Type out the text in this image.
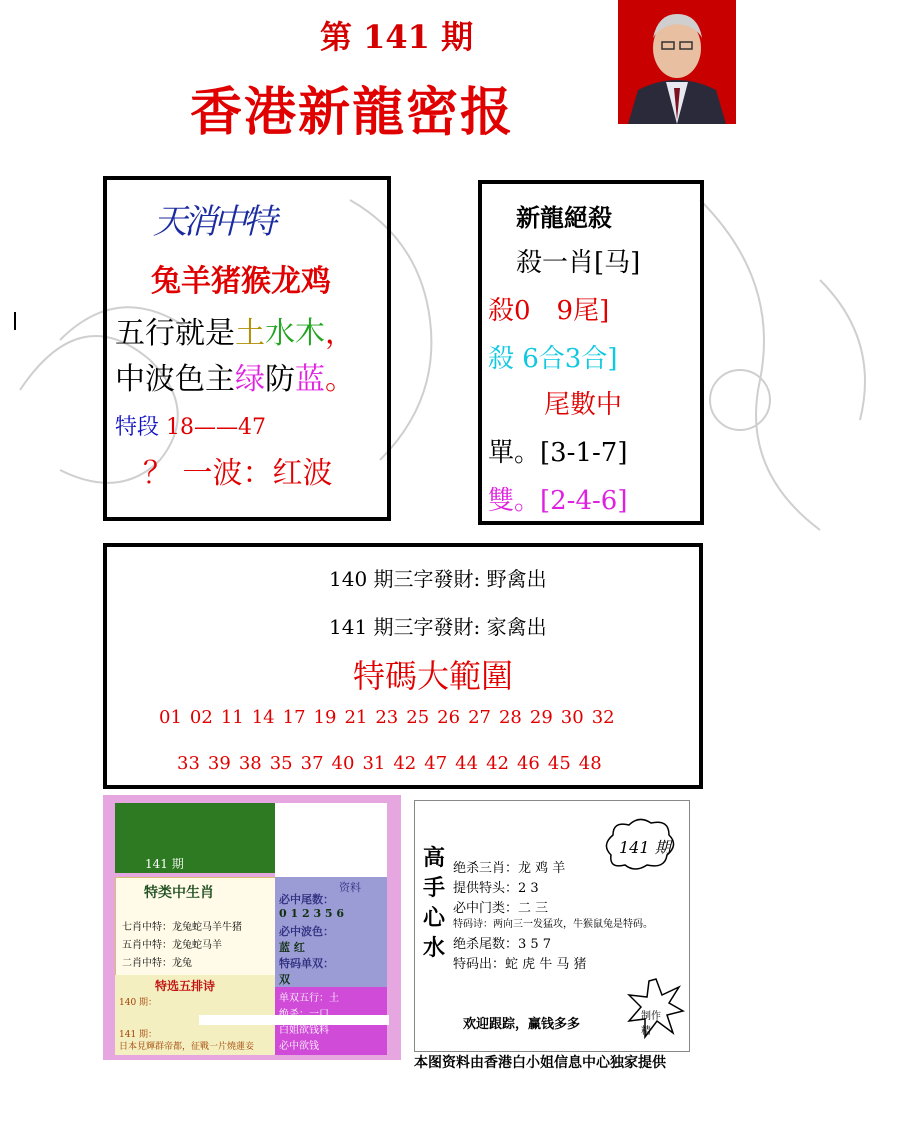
第 141 期
香港新龍密报
天消中特
兔羊猪猴龙鸡
五行就是土水木，
中波色主绿防蓝。
特段 18——47
？ 一波：红波
新龍絕殺
殺一肖[马]
殺0　9尾]
殺 6合3合]
尾數中
單。[3-1-7]
雙。[2-4-6]
140 期三字發財: 野禽出
141 期三字發財: 家禽出
特碼大範圍
01 02 11 14 17 19 21 23 25 26 27 28 29 30 32
33 39 38 35 37 40 31 42 47 44 42 46 45 48
141 期
特类中生肖
七肖中特：龙兔蛇马羊牛猪
五肖中特：龙兔蛇马羊
二肖中特：龙兔
资料
必中尾数：
0 1 2 3 5 6
必中波色：
蓝 红
特码单双：
双
单双五行：土
白姐欲钱料
必中欲钱
特选五排诗
140 期：
141 期：
日本見輝群帝都，征戰一片燒蓮妾
高
手
心
水
141 期
绝杀三肖：龙 鸡 羊
提供特头：2 3
必中门类：二 三
特码诗：两向三一发猛攻，牛猴鼠兔是特码。
绝杀尾数：3 5 7
特码出：蛇 虎 牛 马 猪
欢迎跟踪，赢钱多多
制作 精
本图资料由香港白小姐信息中心独家提供
